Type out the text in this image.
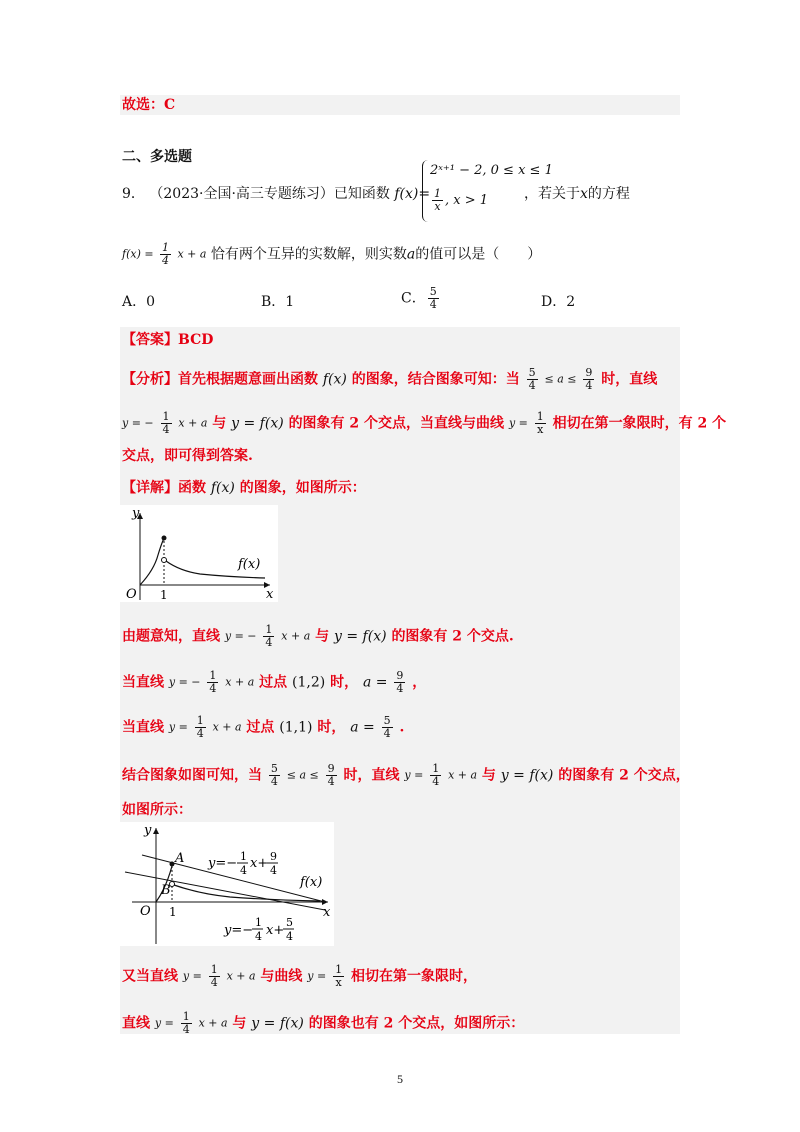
故选：C
二、多选题
9． （2023·全国·高三专题练习）已知函数 f(x)=
2ˣ⁺¹ − 2, 0 ≤ x ≤ 1
$\frac{1}{x}$ , x > 1	，若关于x的方程
$f(x) = \frac{1}{4}$ x + a 恰有两个互异的实数解，则实数a的值可以是（　　）
A．0	B．1	C． $\frac{5}{4}$	D．2
【答案】BCD
【分析】首先根据题意画出函数 f(x) 的图象，结合图象可知：当 $\frac{5}{4} \le a \le \frac{9}{4}$ 时，直线
y = − $\frac{1}{4}$ x + a 与 y = f(x) 的图象有 2 个交点，当直线与曲线 $y = \frac{1}{x}$ 相切在第一象限时，有 2 个
交点，即可得到答案.
【详解】函数 f(x) 的图象，如图所示：
y
x
O 1
f(x)
由题意知，直线 y = − $\frac{1}{4}$ x + a 与 y = f(x) 的图象有 2 个交点.
当直线 y = − $\frac{1}{4}$ x + a 过点 (1,2) 时， $a = \frac{9}{4}$ ，
当直线 $y = \frac{1}{4}$ x + a 过点 (1,1) 时， $a = \frac{5}{4}$ .
结合图象如图可知，当 $\frac{5}{4} \le a \le \frac{9}{4}$ 时，直线 $y = \frac{1}{4}$ x + a 与 y = f(x) 的图象有 2 个交点，
如图所示：
y
x
O 1
A
B
f(x)
y=− 1
4 x+ 9
4
y=−
1
4 x+
5
4
又当直线 $y = \frac{1}{4}$ x + a 与曲线 $y = \frac{1}{x}$ 相切在第一象限时，
直线 $y = \frac{1}{4}$ x + a 与 y = f(x) 的图象也有 2 个交点，如图所示：
5
